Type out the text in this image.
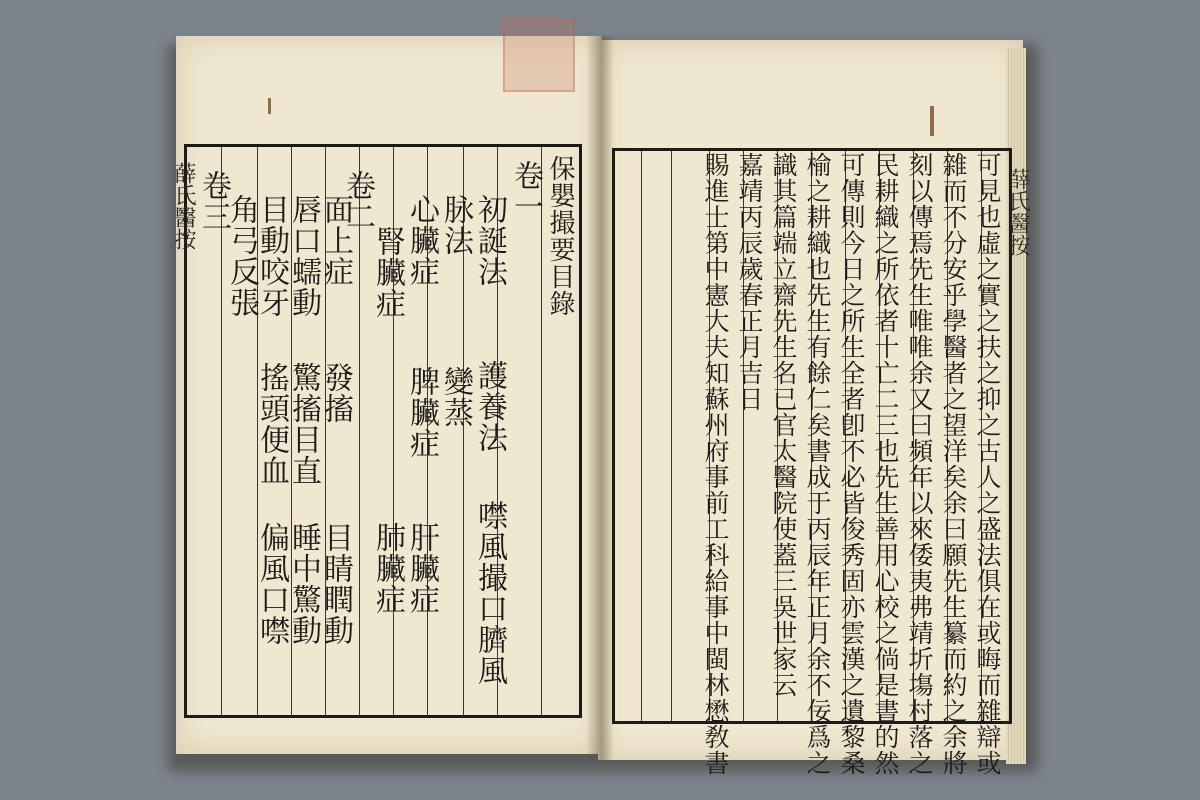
薛氏醫按	保嬰撮要目錄
卷一
初誕法
護養法
噤風撮口臍風
脉法
變蒸
心臟症
脾臟症
肝臟症
腎臟症
肺臟症
卷二
面上症
發搐
目睛瞤動
唇口蠕動
驚搐目直
睡中驚動
目動咬牙
搖頭便血
偏風口噤
角弓反張
卷三	薛氏醫按
可見也虛之實之扶之抑之古人之盛法俱在或晦而雜辯或
雜而不分安乎學醫者之望洋矣余曰願先生纂而約之余將
刻以傳焉先生唯唯余又曰頻年以來倭夷弗靖圻塲村落之
民耕織之所依者十亡二三也先生善用心校之倘是書的然
可傳則今日之所生全者卽不必皆俊秀固亦雲漢之遺黎桑
榆之耕織也先生有餘仁矣書成于丙辰年正月余不佞爲之
識其篇端立齋先生名已官太醫院使蓋三吳世家云
嘉靖丙辰歲春正月吉日
賜進士第中憲大夫知蘇州府事前工科給事中閩林懋敎書
